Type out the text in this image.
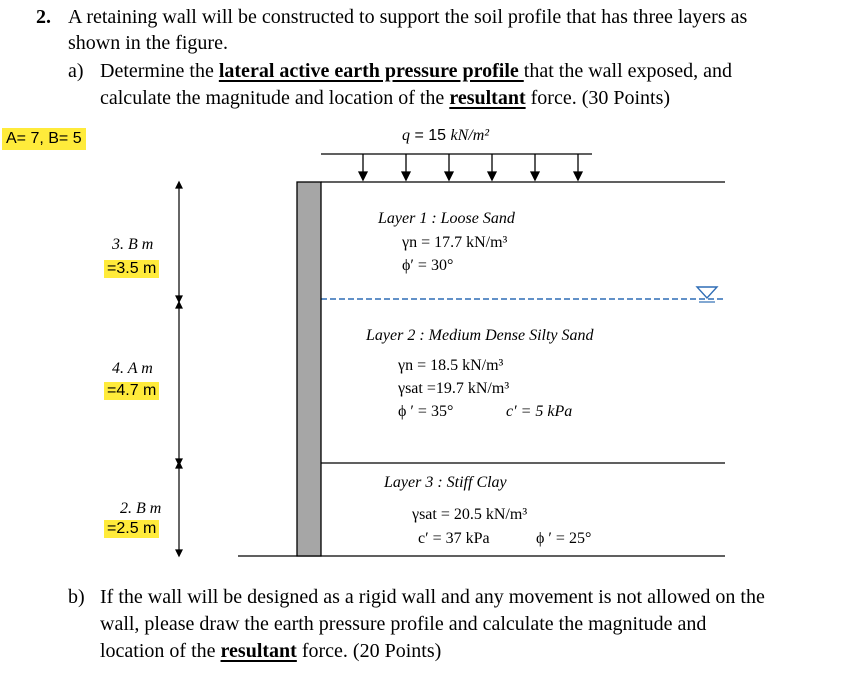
2. A retaining wall will be constructed to support the soil profile that has three layers as
shown in the figure.
a) Determine the lateral active earth pressure profile that the wall exposed, and
calculate the magnitude and location of the resultant force. (30 Points)
A= 7, B= 5	q = 15 kN/m²
3. B m
=3.5 m
4. A m
=4.7 m
2. B m
=2.5 m
Layer 1 : Loose Sand
γn = 17.7 kN/m³
ϕ′ = 30°
Layer 2 : Medium Dense Silty Sand
γn = 18.5 kN/m³
γsat =19.7 kN/m³
ϕ ′ = 35°	c′ = 5 kPa
Layer 3 : Stiff Clay
γsat = 20.5 kN/m³
c′ = 37 kPa	ϕ ′ = 25°
b) If the wall will be designed as a rigid wall and any movement is not allowed on the
wall, please draw the earth pressure profile and calculate the magnitude and
location of the resultant force. (20 Points)
